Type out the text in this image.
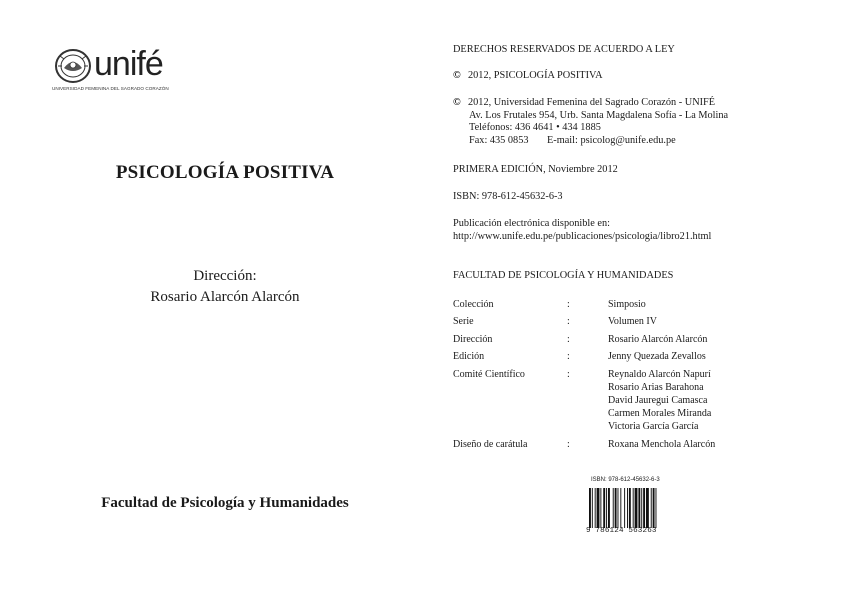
unifé
UNIVERSIDAD FEMENINA DEL SAGRADO CORAZÓN
PSICOLOGÍA POSITIVA
Dirección:
Rosario Alarcón Alarcón
Facultad de Psicología y Humanidades
DERECHOS RESERVADOS DE ACUERDO A LEY
© 2012, PSICOLOGÍA POSITIVA
© 2012, Universidad Femenina del Sagrado Corazón - UNIFÉ
Av. Los Frutales 954, Urb. Santa Magdalena Sofía - La Molina
Teléfonos: 436 4641 • 434 1885
Fax: 435 0853 E-mail: psicolog@unife.edu.pe
PRIMERA EDICIÓN, Noviembre 2012
ISBN: 978-612-45632-6-3
Publicación electrónica disponible en:
http://www.unife.edu.pe/publicaciones/psicologia/libro21.html
FACULTAD DE PSICOLOGÍA Y HUMANIDADES
Colección	:	Simposio
Serie	:	Volumen IV
Dirección	:	Rosario Alarcón Alarcón
Edición	:	Jenny Quezada Zevallos
Comité Científico	:	Reynaldo Alarcón Napurí
Rosario Arias Barahona
David Jauregui Camasca
Carmen Morales Miranda
Victoria García García
Diseño de carátula	:	Roxana Menchola Alarcón
ISBN: 978-612-45632-6-3
9 786124 563263
